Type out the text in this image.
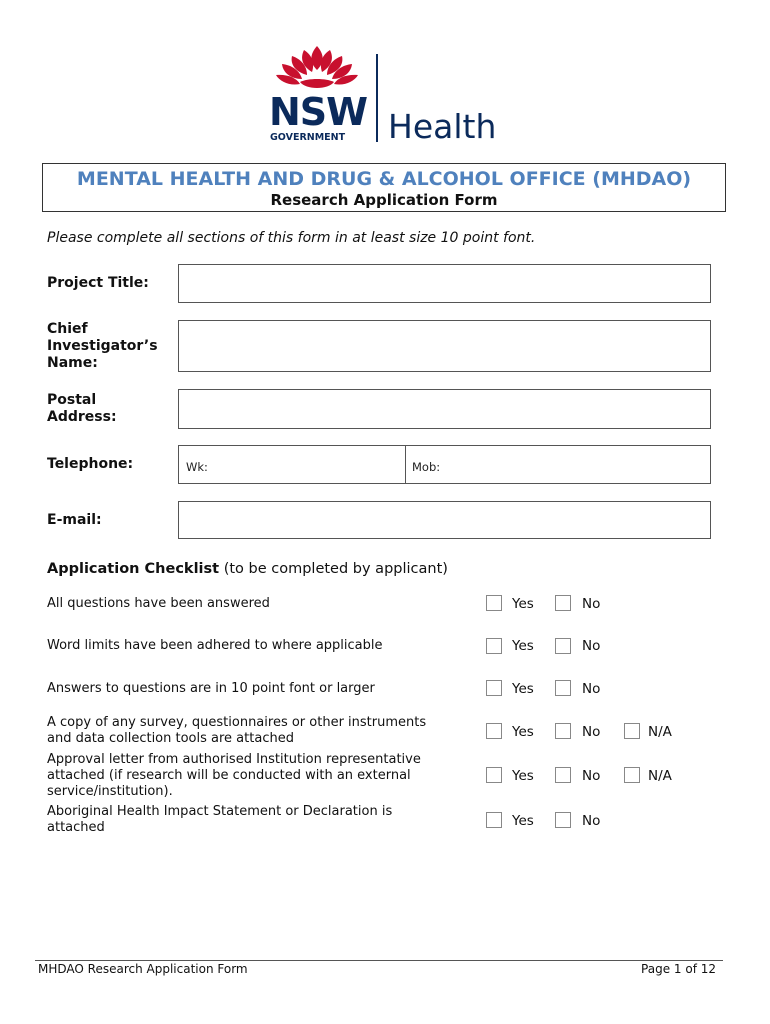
NSW
GOVERNMENT Health
MENTAL HEALTH AND DRUG & ALCOHOL OFFICE (MHDAO)
Research Application Form
Please complete all sections of this form in at least size 10 point font.
Project Title:
Chief
Investigator’s
Name:
Postal
Address:
Telephone:	Wk:	Mob:
E-mail:
Application Checklist (to be completed by applicant)
All questions have been answered	Yes	No
Word limits have been adhered to where applicable	Yes	No
Answers to questions are in 10 point font or larger	Yes	No
A copy of any survey, questionnaires or other instruments
and data collection tools are attached	Yes	No	N/A
Approval letter from authorised Institution representative
attached (if research will be conducted with an external
service/institution).
Yes	No	N/A
Aboriginal Health Impact Statement or Declaration is
attached	Yes	No
MHDAO Research Application Form	Page 1 of 12
